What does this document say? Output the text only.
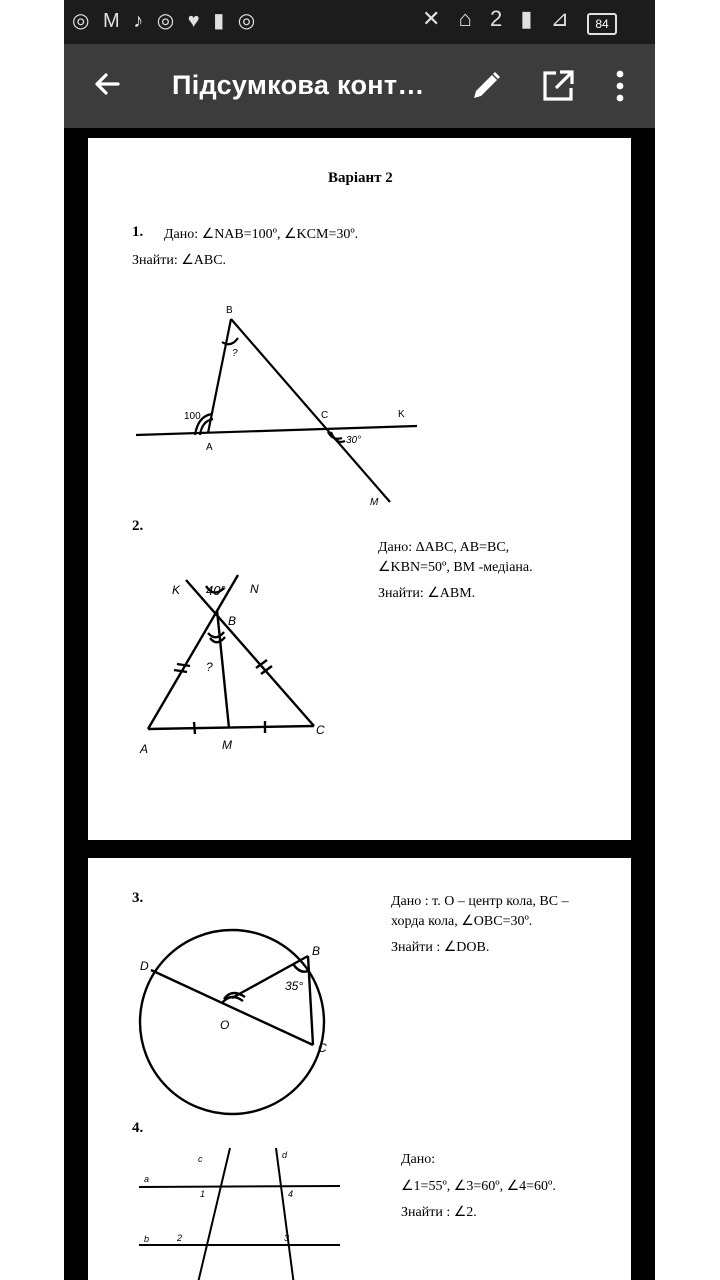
◎ M ♪ ◎ ♥ ▮ ◎	✕ ⌂ 2 ▮ ⊿	84
Підсумкова конт…
Варіант 2
1. Дано: ∠NAB=100º, ∠KCM=30º.
Знайти: ∠ABC.
B
?
100
A
C	K
30°
M
2.
Дано: ΔABC, AB=BC,
∠KBN=50º, BM -медіана.
Знайти: ∠ABM.
K	N
40°
B
?
A	M
C
3.	Дано : т. О – центр кола, BC –
хорда кола, ∠OBC=30º.
Знайти : ∠DOB.
D
B
35°
O
C
4.
Дано:
∠1=55º, ∠3=60º, ∠4=60º.
Знайти : ∠2.
a
b
c	d
1
2	3
4
